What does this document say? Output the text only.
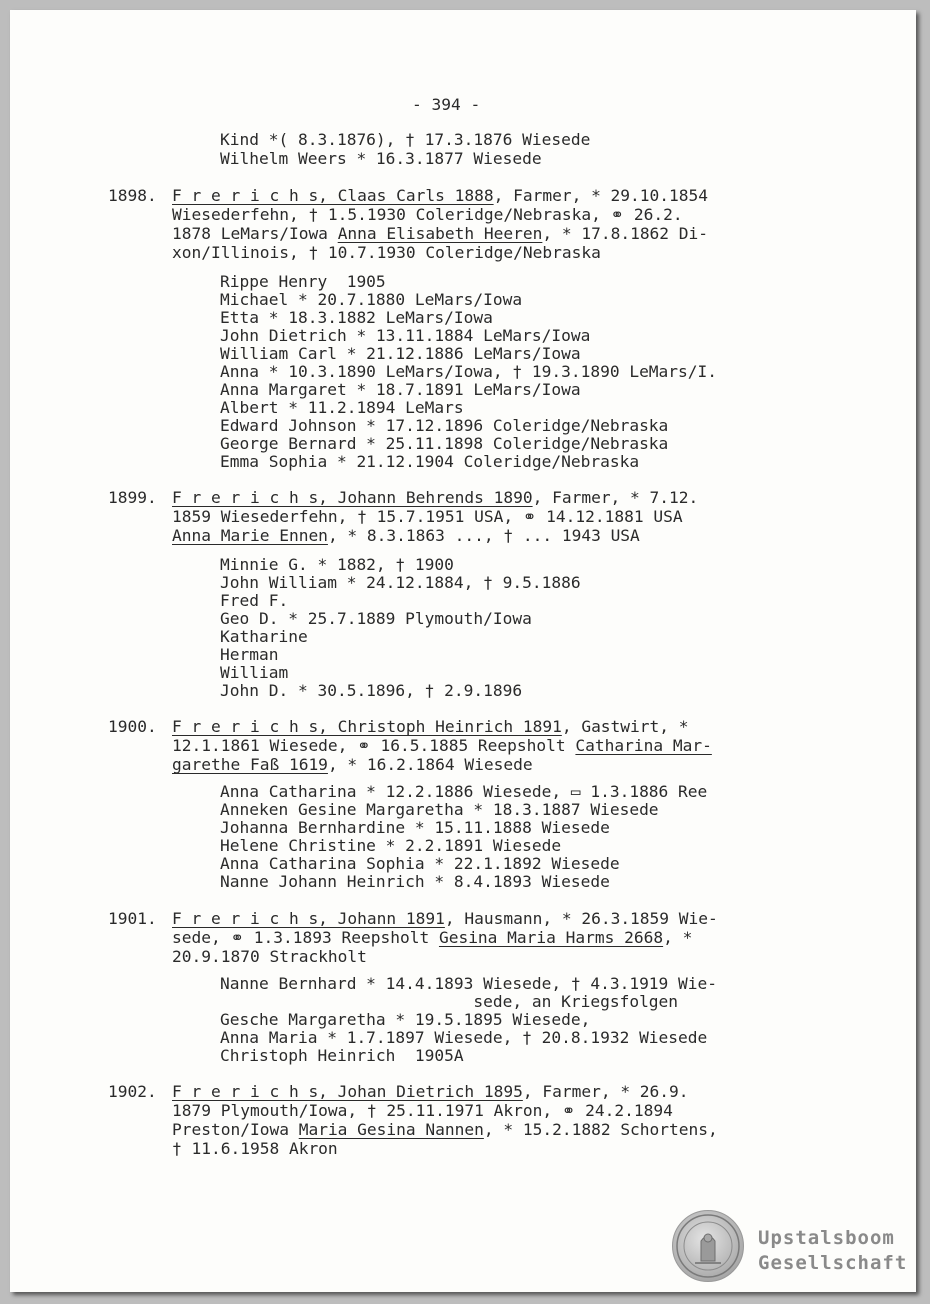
- 394 -
Kind *( 8.3.1876), † 17.3.1876 Wiesede
Wilhelm Weers * 16.3.1877 Wiesede
1898. F r e r i c h s, Claas Carls 1888, Farmer, * 29.10.1854
Wiesederfehn, † 1.5.1930 Coleridge/Nebraska, ⚭ 26.2.
1878 LeMars/Iowa Anna Elisabeth Heeren, * 17.8.1862 Di-
xon/Illinois, † 10.7.1930 Coleridge/Nebraska
Rippe Henry  1905
Michael * 20.7.1880 LeMars/Iowa
Etta * 18.3.1882 LeMars/Iowa
John Dietrich * 13.11.1884 LeMars/Iowa
William Carl * 21.12.1886 LeMars/Iowa
Anna * 10.3.1890 LeMars/Iowa, † 19.3.1890 LeMars/I.
Anna Margaret * 18.7.1891 LeMars/Iowa
Albert * 11.2.1894 LeMars
Edward Johnson * 17.12.1896 Coleridge/Nebraska
George Bernard * 25.11.1898 Coleridge/Nebraska
Emma Sophia * 21.12.1904 Coleridge/Nebraska
1899. F r e r i c h s, Johann Behrends 1890, Farmer, * 7.12.
1859 Wiesederfehn, † 15.7.1951 USA, ⚭ 14.12.1881 USA
Anna Marie Ennen, * 8.3.1863 ..., † ... 1943 USA
Minnie G. * 1882, † 1900
John William * 24.12.1884, † 9.5.1886
Fred F.
Geo D. * 25.7.1889 Plymouth/Iowa
Katharine
Herman
William
John D. * 30.5.1896, † 2.9.1896
1900. F r e r i c h s, Christoph Heinrich 1891, Gastwirt, *
12.1.1861 Wiesede, ⚭ 16.5.1885 Reepsholt Catharina Mar-
garethe Faß 1619, * 16.2.1864 Wiesede
Anna Catharina * 12.2.1886 Wiesede, ▭ 1.3.1886 Ree
Anneken Gesine Margaretha * 18.3.1887 Wiesede
Johanna Bernhardine * 15.11.1888 Wiesede
Helene Christine * 2.2.1891 Wiesede
Anna Catharina Sophia * 22.1.1892 Wiesede
Nanne Johann Heinrich * 8.4.1893 Wiesede
1901. F r e r i c h s, Johann 1891, Hausmann, * 26.3.1859 Wie-
sede, ⚭ 1.3.1893 Reepsholt Gesina Maria Harms 2668, *
20.9.1870 Strackholt
Nanne Bernhard * 14.4.1893 Wiesede, † 4.3.1919 Wie-
sede, an Kriegsfolgen
Gesche Margaretha * 19.5.1895 Wiesede,
Anna Maria * 1.7.1897 Wiesede, † 20.8.1932 Wiesede
Christoph Heinrich  1905A
1902. F r e r i c h s, Johan Dietrich 1895, Farmer, * 26.9.
1879 Plymouth/Iowa, † 25.11.1971 Akron, ⚭ 24.2.1894
Preston/Iowa Maria Gesina Nannen, * 15.2.1882 Schortens,
† 11.6.1958 Akron
Upstalsboom
Gesellschaft
